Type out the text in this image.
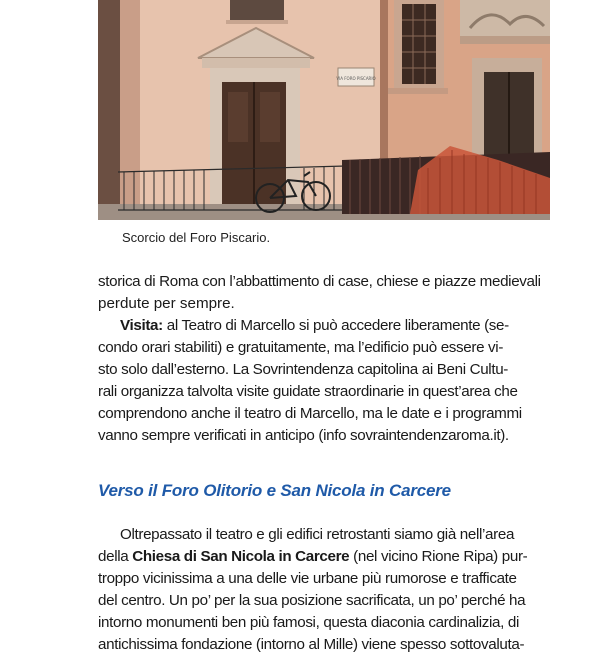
VIA FORO PISCARIO
Scorcio del Foro Piscario.
storica di Roma con l’abbattimento di case, chiese e piazze medievali
perdute per sempre.
Visita: al Teatro di Marcello si può accedere liberamente (se-
condo orari stabiliti) e gratuitamente, ma l’edificio può essere vi-
sto solo dall’esterno. La Sovrintendenza capitolina ai Beni Cultu-
rali organizza talvolta visite guidate straordinarie in quest’area che
comprendono anche il teatro di Marcello, ma le date e i programmi
vanno sempre verificati in anticipo (info sovraintendenzaroma.it).
Verso il Foro Olitorio e San Nicola in Carcere
Oltrepassato il teatro e gli edifici retrostanti siamo già nell’area
della Chiesa di San Nicola in Carcere (nel vicino Rione Ripa) pur-
troppo vicinissima a una delle vie urbane più rumorose e trafficate
del centro. Un po’ per la sua posizione sacrificata, un po’ perché ha
intorno monumenti ben più famosi, questa diaconia cardinalizia, di
antichissima fondazione (intorno al Mille) viene spesso sottovaluta-
